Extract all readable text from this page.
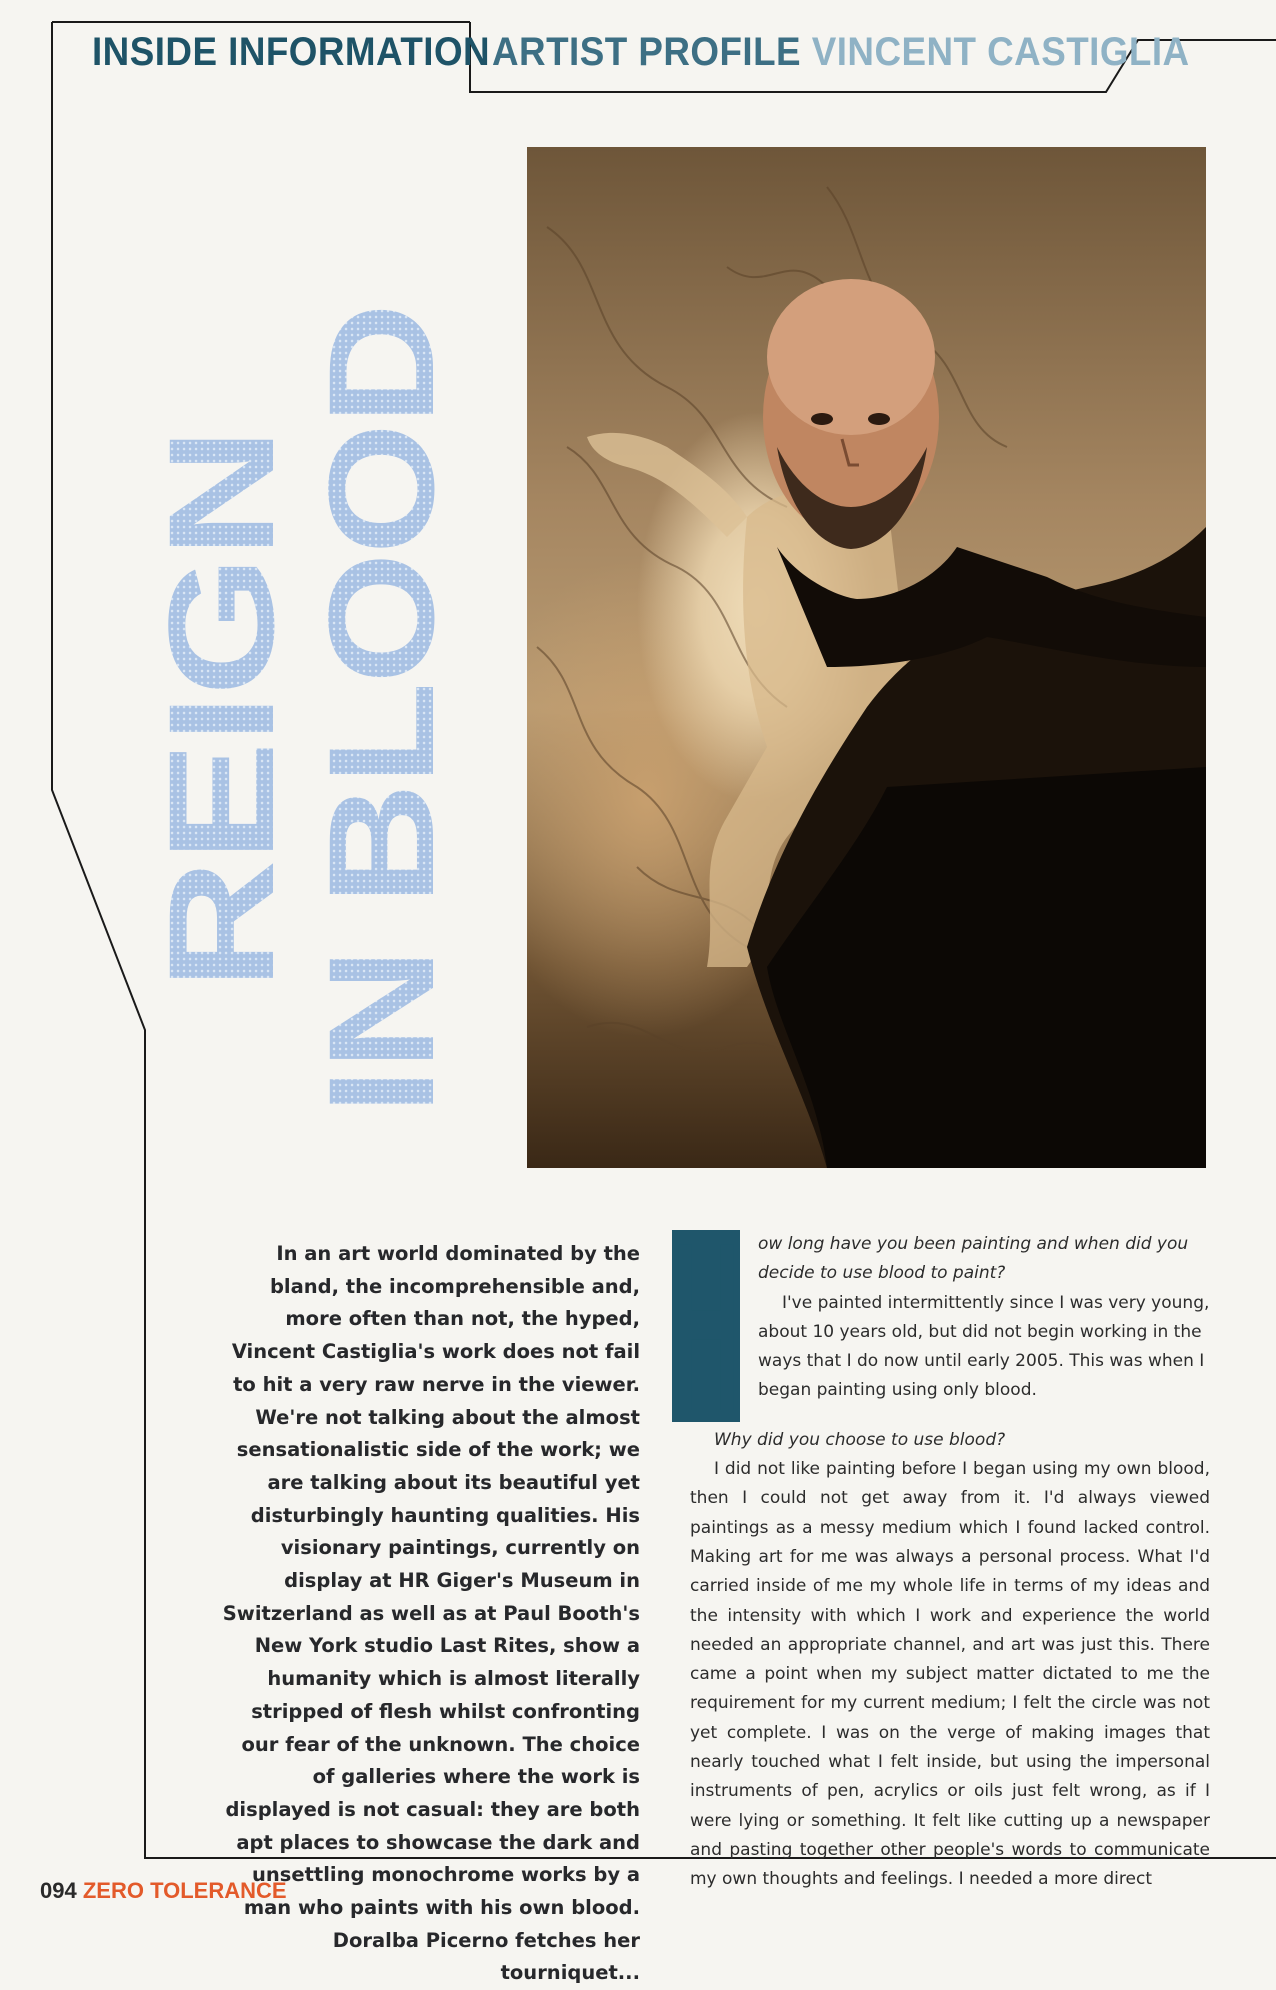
INSIDE INFORMATION ARTIST PROFILE VINCENT CASTIGLIA
REIGN
IN BLOOD
In an art world dominated by the bland, the incomprehensible and, more often than not, the hyped, Vincent Castiglia's work does not fail to hit a very raw nerve in the viewer. We're not talking about the almost sensationalistic side of the work; we are talking about its beautiful yet disturbingly haunting qualities. His visionary paintings, currently on display at HR Giger's Museum in Switzerland as well as at Paul Booth's New York studio Last Rites, show a humanity which is almost literally stripped of flesh whilst confronting our fear of the unknown. The choice of galleries where the work is displayed is not casual: they are both apt places to showcase the dark and unsettling monochrome works by a man who paints with his own blood. Doralba Picerno fetches her tourniquet...
H	ow long have you been painting and when did you decide to use blood to paint?
I've painted intermittently since I was very young, about 10 years old, but did not begin working in the ways that I do now until early 2005. This was when I began painting using only blood.
Why did you choose to use blood?
I did not like painting before I began using my own blood, then I could not get away from it. I'd always viewed paintings as a messy medium which I found lacked control. Making art for me was always a personal process. What I'd carried inside of me my whole life in terms of my ideas and the intensity with which I work and experience the world needed an appropriate channel, and art was just this. There came a point when my subject matter dictated to me the requirement for my current medium; I felt the circle was not yet complete. I was on the verge of making images that nearly touched what I felt inside, but using the impersonal instruments of pen, acrylics or oils just felt wrong, as if I were lying or something. It felt like cutting up a newspaper and pasting together other people's words to communicate my own thoughts and feelings. I needed a more direct
094 ZERO TOLERANCE
